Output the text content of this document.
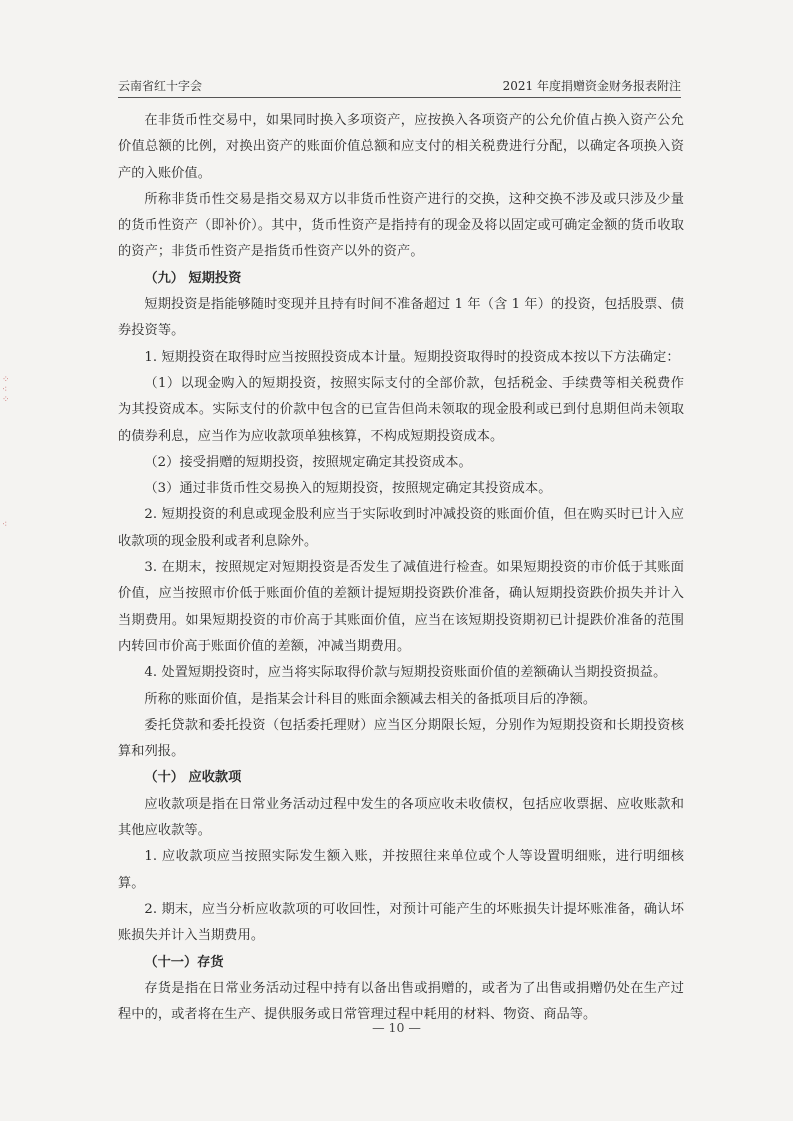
云南省红十字会	2021 年度捐赠资金财务报表附注

在非货币性交易中，如果同时换入多项资产，应按换入各项资产的公允价值占换入资产公允价值总额的比例，对换出资产的账面价值总额和应支付的相关税费进行分配，以确定各项换入资产的入账价值。

所称非货币性交易是指交易双方以非货币性资产进行的交换，这种交换不涉及或只涉及少量的货币性资产（即补价）。其中，货币性资产是指持有的现金及将以固定或可确定金额的货币收取的资产；非货币性资产是指货币性资产以外的资产。

（九） 短期投资

短期投资是指能够随时变现并且持有时间不准备超过 1 年（含 1 年）的投资，包括股票、债券投资等。

1. 短期投资在取得时应当按照投资成本计量。短期投资取得时的投资成本按以下方法确定：

（1）以现金购入的短期投资，按照实际支付的全部价款，包括税金、手续费等相关税费作为其投资成本。实际支付的价款中包含的已宣告但尚未领取的现金股利或已到付息期但尚未领取的债券利息，应当作为应收款项单独核算，不构成短期投资成本。

（2）接受捐赠的短期投资，按照规定确定其投资成本。

（3）通过非货币性交易换入的短期投资，按照规定确定其投资成本。

2. 短期投资的利息或现金股利应当于实际收到时冲减投资的账面价值，但在购买时已计入应收款项的现金股利或者利息除外。

3. 在期末，按照规定对短期投资是否发生了减值进行检查。如果短期投资的市价低于其账面价值，应当按照市价低于账面价值的差额计提短期投资跌价准备，确认短期投资跌价损失并计入当期费用。如果短期投资的市价高于其账面价值，应当在该短期投资期初已计提跌价准备的范围内转回市价高于账面价值的差额，冲减当期费用。

4. 处置短期投资时，应当将实际取得价款与短期投资账面价值的差额确认当期投资损益。

所称的账面价值，是指某会计科目的账面余额减去相关的备抵项目后的净额。

委托贷款和委托投资（包括委托理财）应当区分期限长短，分别作为短期投资和长期投资核算和列报。

（十） 应收款项

应收款项是指在日常业务活动过程中发生的各项应收未收债权，包括应收票据、应收账款和其他应收款等。

1. 应收款项应当按照实际发生额入账，并按照往来单位或个人等设置明细账，进行明细核算。

2. 期末，应当分析应收款项的可收回性，对预计可能产生的坏账损失计提坏账准备，确认坏账损失并计入当期费用。

（十一）存货

存货是指在日常业务活动过程中持有以备出售或捐赠的，或者为了出售或捐赠仍处在生产过程中的，或者将在生产、提供服务或日常管理过程中耗用的材料、物资、商品等。

— 10 —
⁘
⁖
⁘
⁖
